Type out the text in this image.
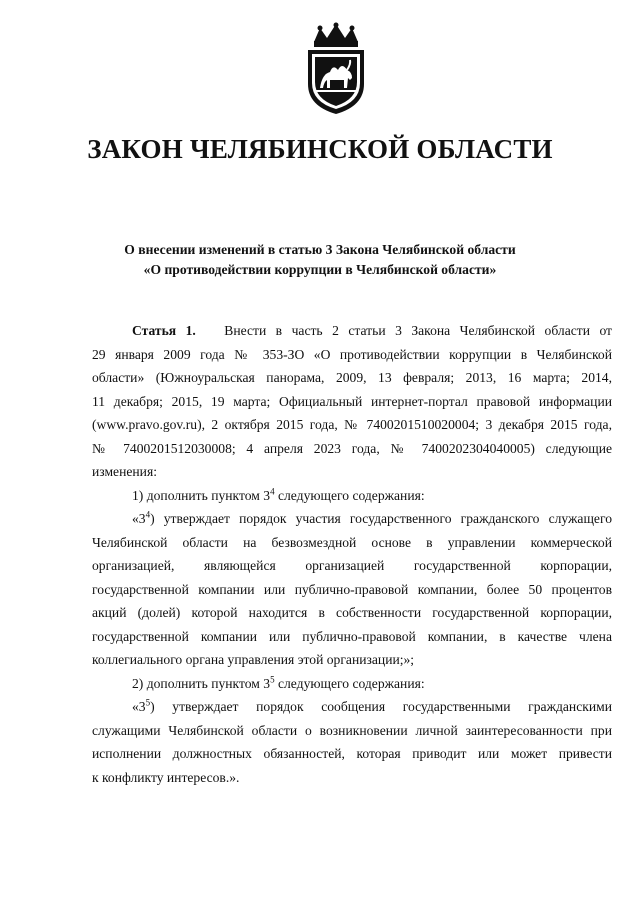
ЗАКОН ЧЕЛЯБИНСКОЙ ОБЛАСТИ
О внесении изменений в статью 3 Закона Челябинской области
«О противодействии коррупции в Челябинской области»
Статья 1. Внести в часть 2 статьи 3 Закона Челябинской области от
29 января 2009 года № 353-ЗО «О противодействии коррупции в Челябинской
области» (Южноуральская панорама, 2009, 13 февраля; 2013, 16 марта; 2014,
11 декабря; 2015, 19 марта; Официальный интернет-портал правовой информации
(www.pravo.gov.ru), 2 октября 2015 года, № 7400201510020004; 3 декабря 2015 года,
№ 7400201512030008; 4 апреля 2023 года, № 7400202304040005) следующие
изменения:
1) дополнить пунктом $3^4$ следующего содержания:
«$3^4$) утверждает порядок участия государственного гражданского служащего
Челябинской области на безвозмездной основе в управлении коммерческой
организацией, являющейся организацией государственной корпорации,
государственной компании или публично-правовой компании, более 50 процентов
акций (долей) которой находится в собственности государственной корпорации,
государственной компании или публично-правовой компании, в качестве члена
коллегиального органа управления этой организации;»;
2) дополнить пунктом $3^5$ следующего содержания:
«$3^5$) утверждает порядок сообщения государственными гражданскими
служащими Челябинской области о возникновении личной заинтересованности при
исполнении должностных обязанностей, которая приводит или может привести
к конфликту интересов.».
